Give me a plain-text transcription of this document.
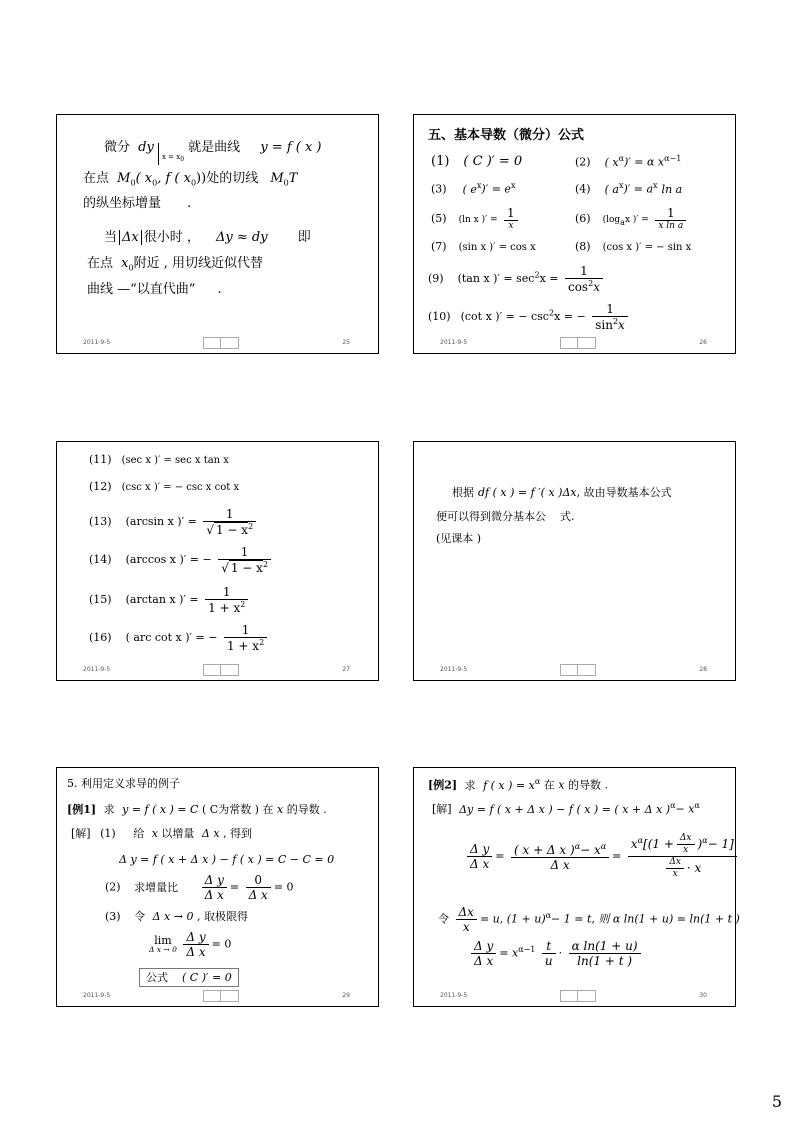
微分 dy $_{x = x0}$ 就是曲线 y = f ( x )
在点 $M_0$( $x_0$, f ( $x_0$))处的切线 $M_0T$
的纵坐标增量 .
当 Δx 很小时 ， Δy ≈ dy 即
在点 $x_0$附近 , 用切线近似代替
曲线 —“以直代曲” .
2011-9-5	25
五、基本导数（微分）公式
(1) ( C )′ = 0	(2) ( $x^\alpha)' = \alpha$ $x^{\alpha-1}$
(3) ( $e^x)' = e^x$	(4) ( $a^x)' = a^x$ ln a
(5) (ln x )′ = $\frac{1}{x}$	(6) ($\log_ax$ )′ = $\frac{1}{\text{x ln a}}$
(7) (sin x )′ = cos x	(8) (cos x )′ = − sin x
(9) (tan x )′ = $\sec^2x = \frac{1}{\cos^2x}$
(10) (cot x )′ = − $\csc^2x$ = − $\frac{1}{\sin^2x}$
2011-9-5	26
(11) (sec x )′ = sec x tan x
(12) (csc x )′ = − csc x cot x
(13) (arcsin x )′ = $\frac{1}{√ 1 - x^2}$
(14) (arccos x )′ = − $\frac{1}{√ 1 - x^2}$
(15) (arctan x )′ = $\frac{1}{1 + x^2}$
(16) ( arc cot x )′ = − $\frac{1}{1 + x^2}$
2011-9-5	27
根据 df ( x ) = f ′( x )Δx, 故由导数基本公式
便可以得到微分基本公 式.
(见课本 )
2011-9-5	28
5. 利用定义求导的例子
[例1] 求 y = f ( x ) = C ( C为常数 ) 在 x 的导数 .
[解] (1) 给 x 以增量 Δ x , 得到
Δ y = f ( x + Δ x ) − f ( x ) = C − C = 0
(2) 求增量比 $\frac{\text{Δ y}}{\text{Δ x}} = \frac{0}{\text{Δ x}} = 0$
(3) 令 Δ x → 0 , 取极限得
lim
Δ x → 0
$\frac{\text{Δ y}}{\text{Δ x}} = 0$
公式 ( C )′ = 0
2011-9-5	29
[例2] 求 f ( x ) = $x^\alpha$ 在 x 的导数 .
[解] Δy = f ( x + Δ x ) − f ( x ) = ( x + Δ x )$^\alpha- x^\alpha$
$\frac{\text{Δ y}}{\text{Δ x}} = \frac{( x + \Delta x )^\alpha- x^\alpha}{\text{Δ x}} = \frac{x^\alpha[(1 + \frac{\Delta x}{x} )^\alpha- 1]}{\frac{\Delta x}{x} \cdot x}$
令 $\frac{\Delta x}{x} = u$, $(1 + u)^\alpha- 1 = t$, 则 α ln(1 + u) = ln(1 + t )
$\frac{\text{Δ y}}{\text{Δ x}} = x^{\alpha-1} \frac{t}{u} \cdot \frac{\text{α ln(1 + u)}}{\ln(1 + t )}$
2011-9-5	30
5
